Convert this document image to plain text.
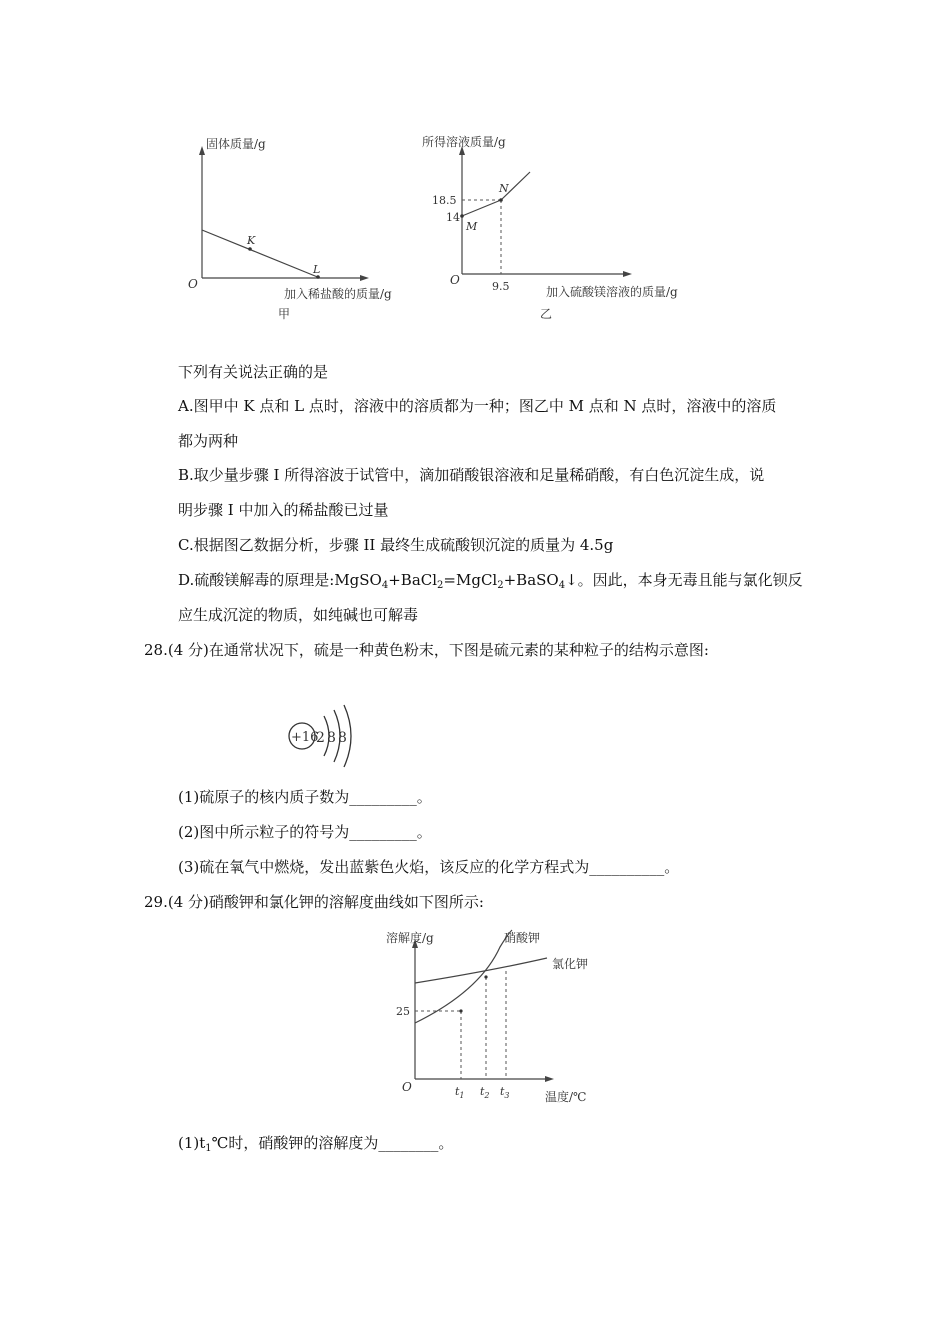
固体质量/g
O
K
L
加入稀盐酸的质量/g
甲
所得溶液质量/g
18.5
14
M
N
O	9.5	加入硫酸镁溶液的质量/g
乙
下列有关说法正确的是
A.图甲中 K 点和 L 点时，溶液中的溶质都为一种；图乙中 M 点和 N 点时，溶液中的溶质
都为两种
B.取少量步骤 I 所得溶波于试管中，滴加硝酸银溶液和足量稀硝酸，有白色沉淀生成，说
明步骤 I 中加入的稀盐酸已过量
C.根据图乙数据分析，步骤 II 最终生成硫酸钡沉淀的质量为 4.5g
D.硫酸镁解毒的原理是:MgSO$_4$+BaCl$_2$=MgCl$_2$+BaSO$_4$↓。因此，本身无毒且能与氯化钡反
应生成沉淀的物质，如纯碱也可解毒
28.(4 分)在通常状况下，硫是一种黄色粉末，下图是硫元素的某种粒子的结构示意图:
+16
2 8 8
(1)硫原子的核内质子数为_________。
(2)图中所示粒子的符号为_________。
(3)硫在氧气中燃烧，发出蓝紫色火焰，该反应的化学方程式为__________。
29.(4 分)硝酸钾和氯化钾的溶解度曲线如下图所示:
溶解度/g	硝酸钾
氯化钾
25
O	$t_1$ $t_2$ $t_3$	温度/℃
$(1)t_1℃$时，硝酸钾的溶解度为________。
